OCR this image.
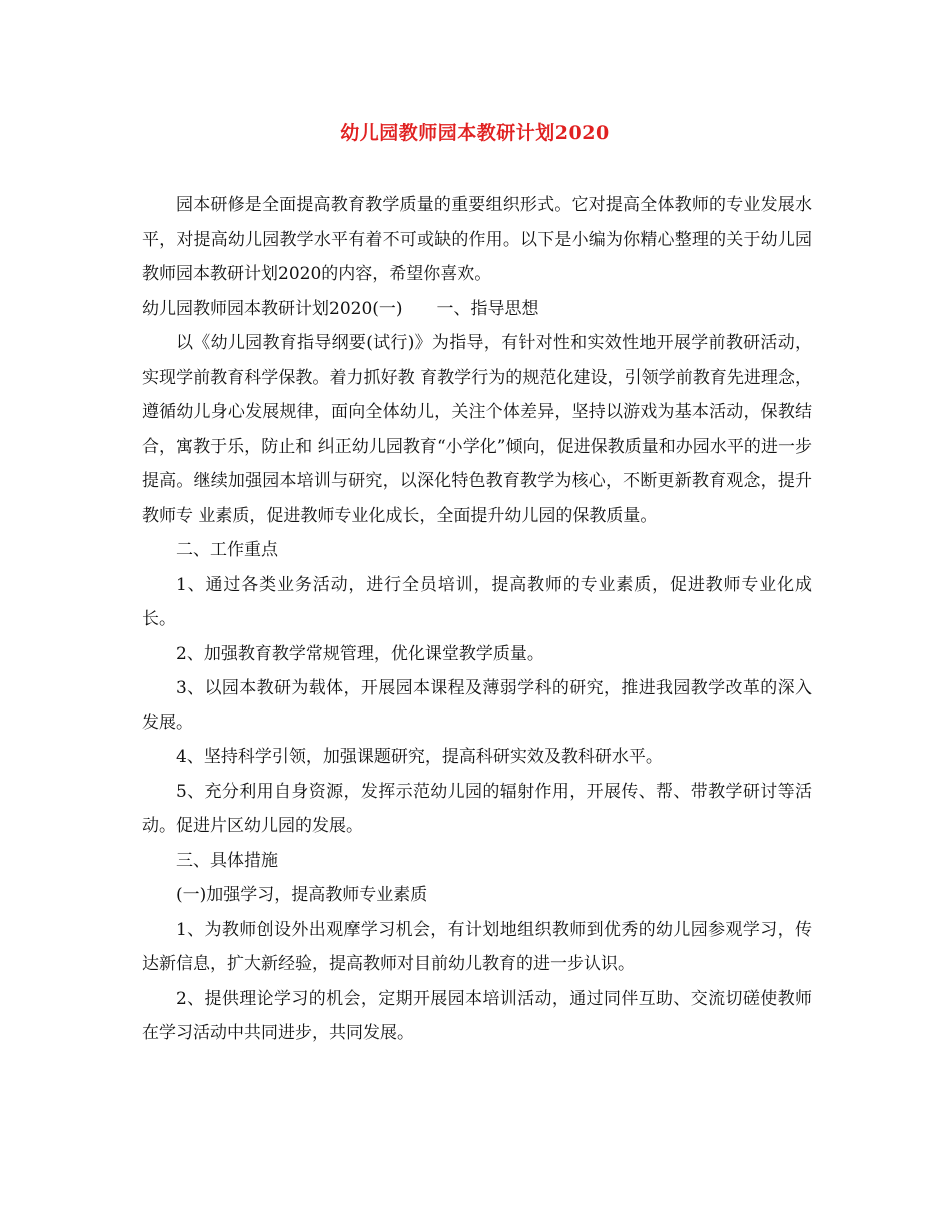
幼儿园教师园本教研计划2020

园本研修是全面提高教育教学质量的重要组织形式。它对提高全体教师的专业发展水平，对提高幼儿园教学水平有着不可或缺的作用。以下是小编为你精心整理的关于幼儿园教师园本教研计划2020的内容，希望你喜欢。

幼儿园教师园本教研计划2020(一)　　一、指导思想

以《幼儿园教育指导纲要(试行)》为指导，有针对性和实效性地开展学前教研活动，实现学前教育科学保教。着力抓好教 育教学行为的规范化建设，引领学前教育先进理念，遵循幼儿身心发展规律，面向全体幼儿，关注个体差异，坚持以游戏为基本活动，保教结合，寓教于乐，防止和 纠正幼儿园教育“小学化”倾向，促进保教质量和办园水平的进一步提高。继续加强园本培训与研究，以深化特色教育教学为核心，不断更新教育观念，提升教师专 业素质，促进教师专业化成长，全面提升幼儿园的保教质量。

二、工作重点

1、通过各类业务活动，进行全员培训，提高教师的专业素质，促进教师专业化成长。

2、加强教育教学常规管理，优化课堂教学质量。

3、以园本教研为载体，开展园本课程及薄弱学科的研究，推进我园教学改革的深入发展。

4、坚持科学引领，加强课题研究，提高科研实效及教科研水平。

5、充分利用自身资源，发挥示范幼儿园的辐射作用，开展传、帮、带教学研讨等活动。促进片区幼儿园的发展。

三、具体措施

(一)加强学习，提高教师专业素质

1、为教师创设外出观摩学习机会，有计划地组织教师到优秀的幼儿园参观学习，传达新信息，扩大新经验，提高教师对目前幼儿教育的进一步认识。

2、提供理论学习的机会，定期开展园本培训活动，通过同伴互助、交流切磋使教师在学习活动中共同进步，共同发展。
